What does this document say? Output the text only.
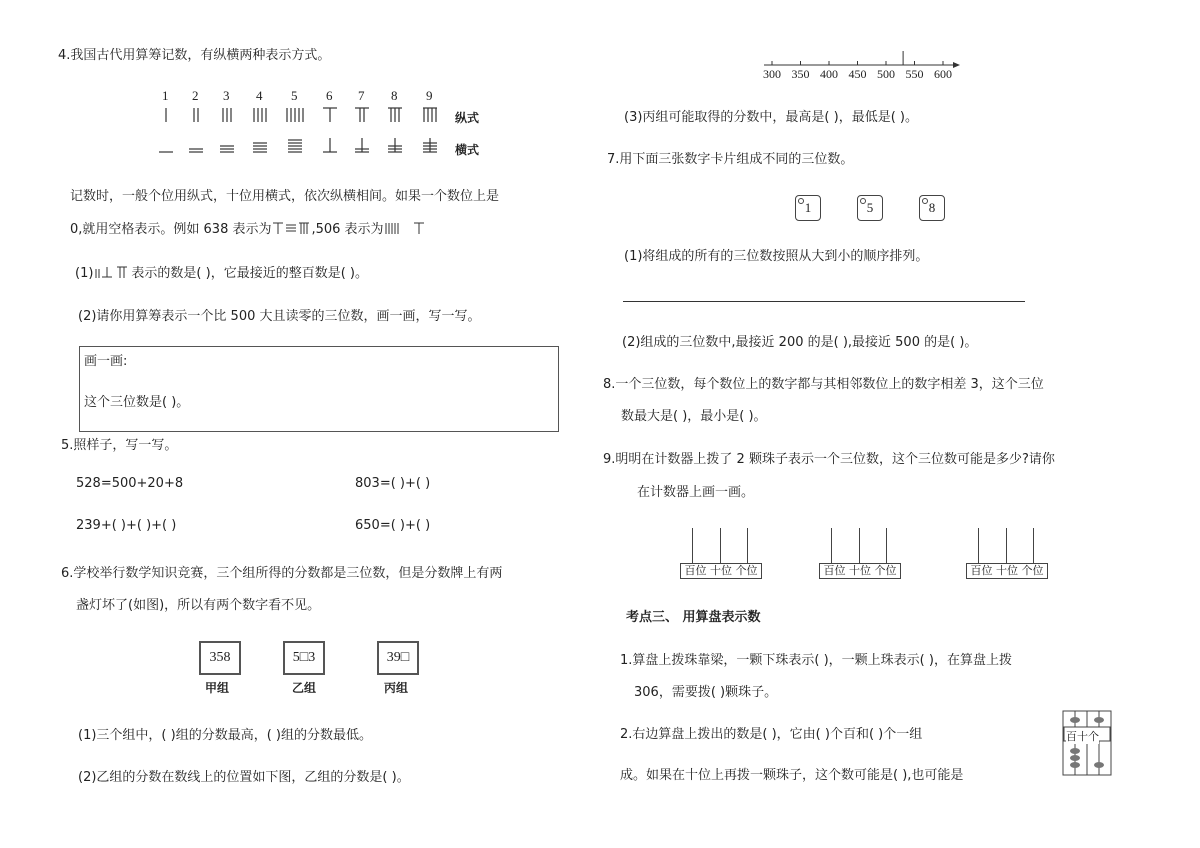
4.我国古代用算筹记数，有纵横两种表示方式。
1 2 3 4 5 6 7 8 9
纵式
横式
记数时，一般个位用纵式，十位用横式，依次纵横相间。如果一个数位上是
0,就用空格表示。例如 638 表示为	,506 表示为
(1)	表示的数是( )，它最接近的整百数是( )。
(2)请你用算筹表示一个比 500 大且读零的三位数，画一画，写一写。
画一画:
这个三位数是( )。
5.照样子，写一写。
528=500+20+8	803=( )+( )
239+( )+( )+( )	650=( )+( )
6.学校举行数学知识竞赛，三个组所得的分数都是三位数，但是分数牌上有两
盏灯坏了(如图)，所以有两个数字看不见。
358	5□3	39□
甲组	乙组	丙组
(1)三个组中，( )组的分数最高，( )组的分数最低。
(2)乙组的分数在数线上的位置如下图，乙组的分数是( )。
300 350 400 450 500 550 600
(3)丙组可能取得的分数中，最高是( )，最低是( )。
7.用下面三张数字卡片组成不同的三位数。
1	5	8
(1)将组成的所有的三位数按照从大到小的顺序排列。
(2)组成的三位数中,最接近 200 的是( ),最接近 500 的是( )。
8.一个三位数，每个数位上的数字都与其相邻数位上的数字相差 3，这个三位
数最大是( )，最小是( )。
9.明明在计数器上拨了 2 颗珠子表示一个三位数，这个三位数可能是多少?请你
在计数器上画一画。
百位 十位 个位	百位 十位 个位	百位 十位 个位
考点三、 用算盘表示数
1.算盘上拨珠靠梁，一颗下珠表示( )，一颗上珠表示( )，在算盘上拨
306，需要拨( )颗珠子。
2.右边算盘上拨出的数是( )，它由( )个百和( )个一组
成。如果在十位上再拨一颗珠子，这个数可能是( ),也可能是
百十个
